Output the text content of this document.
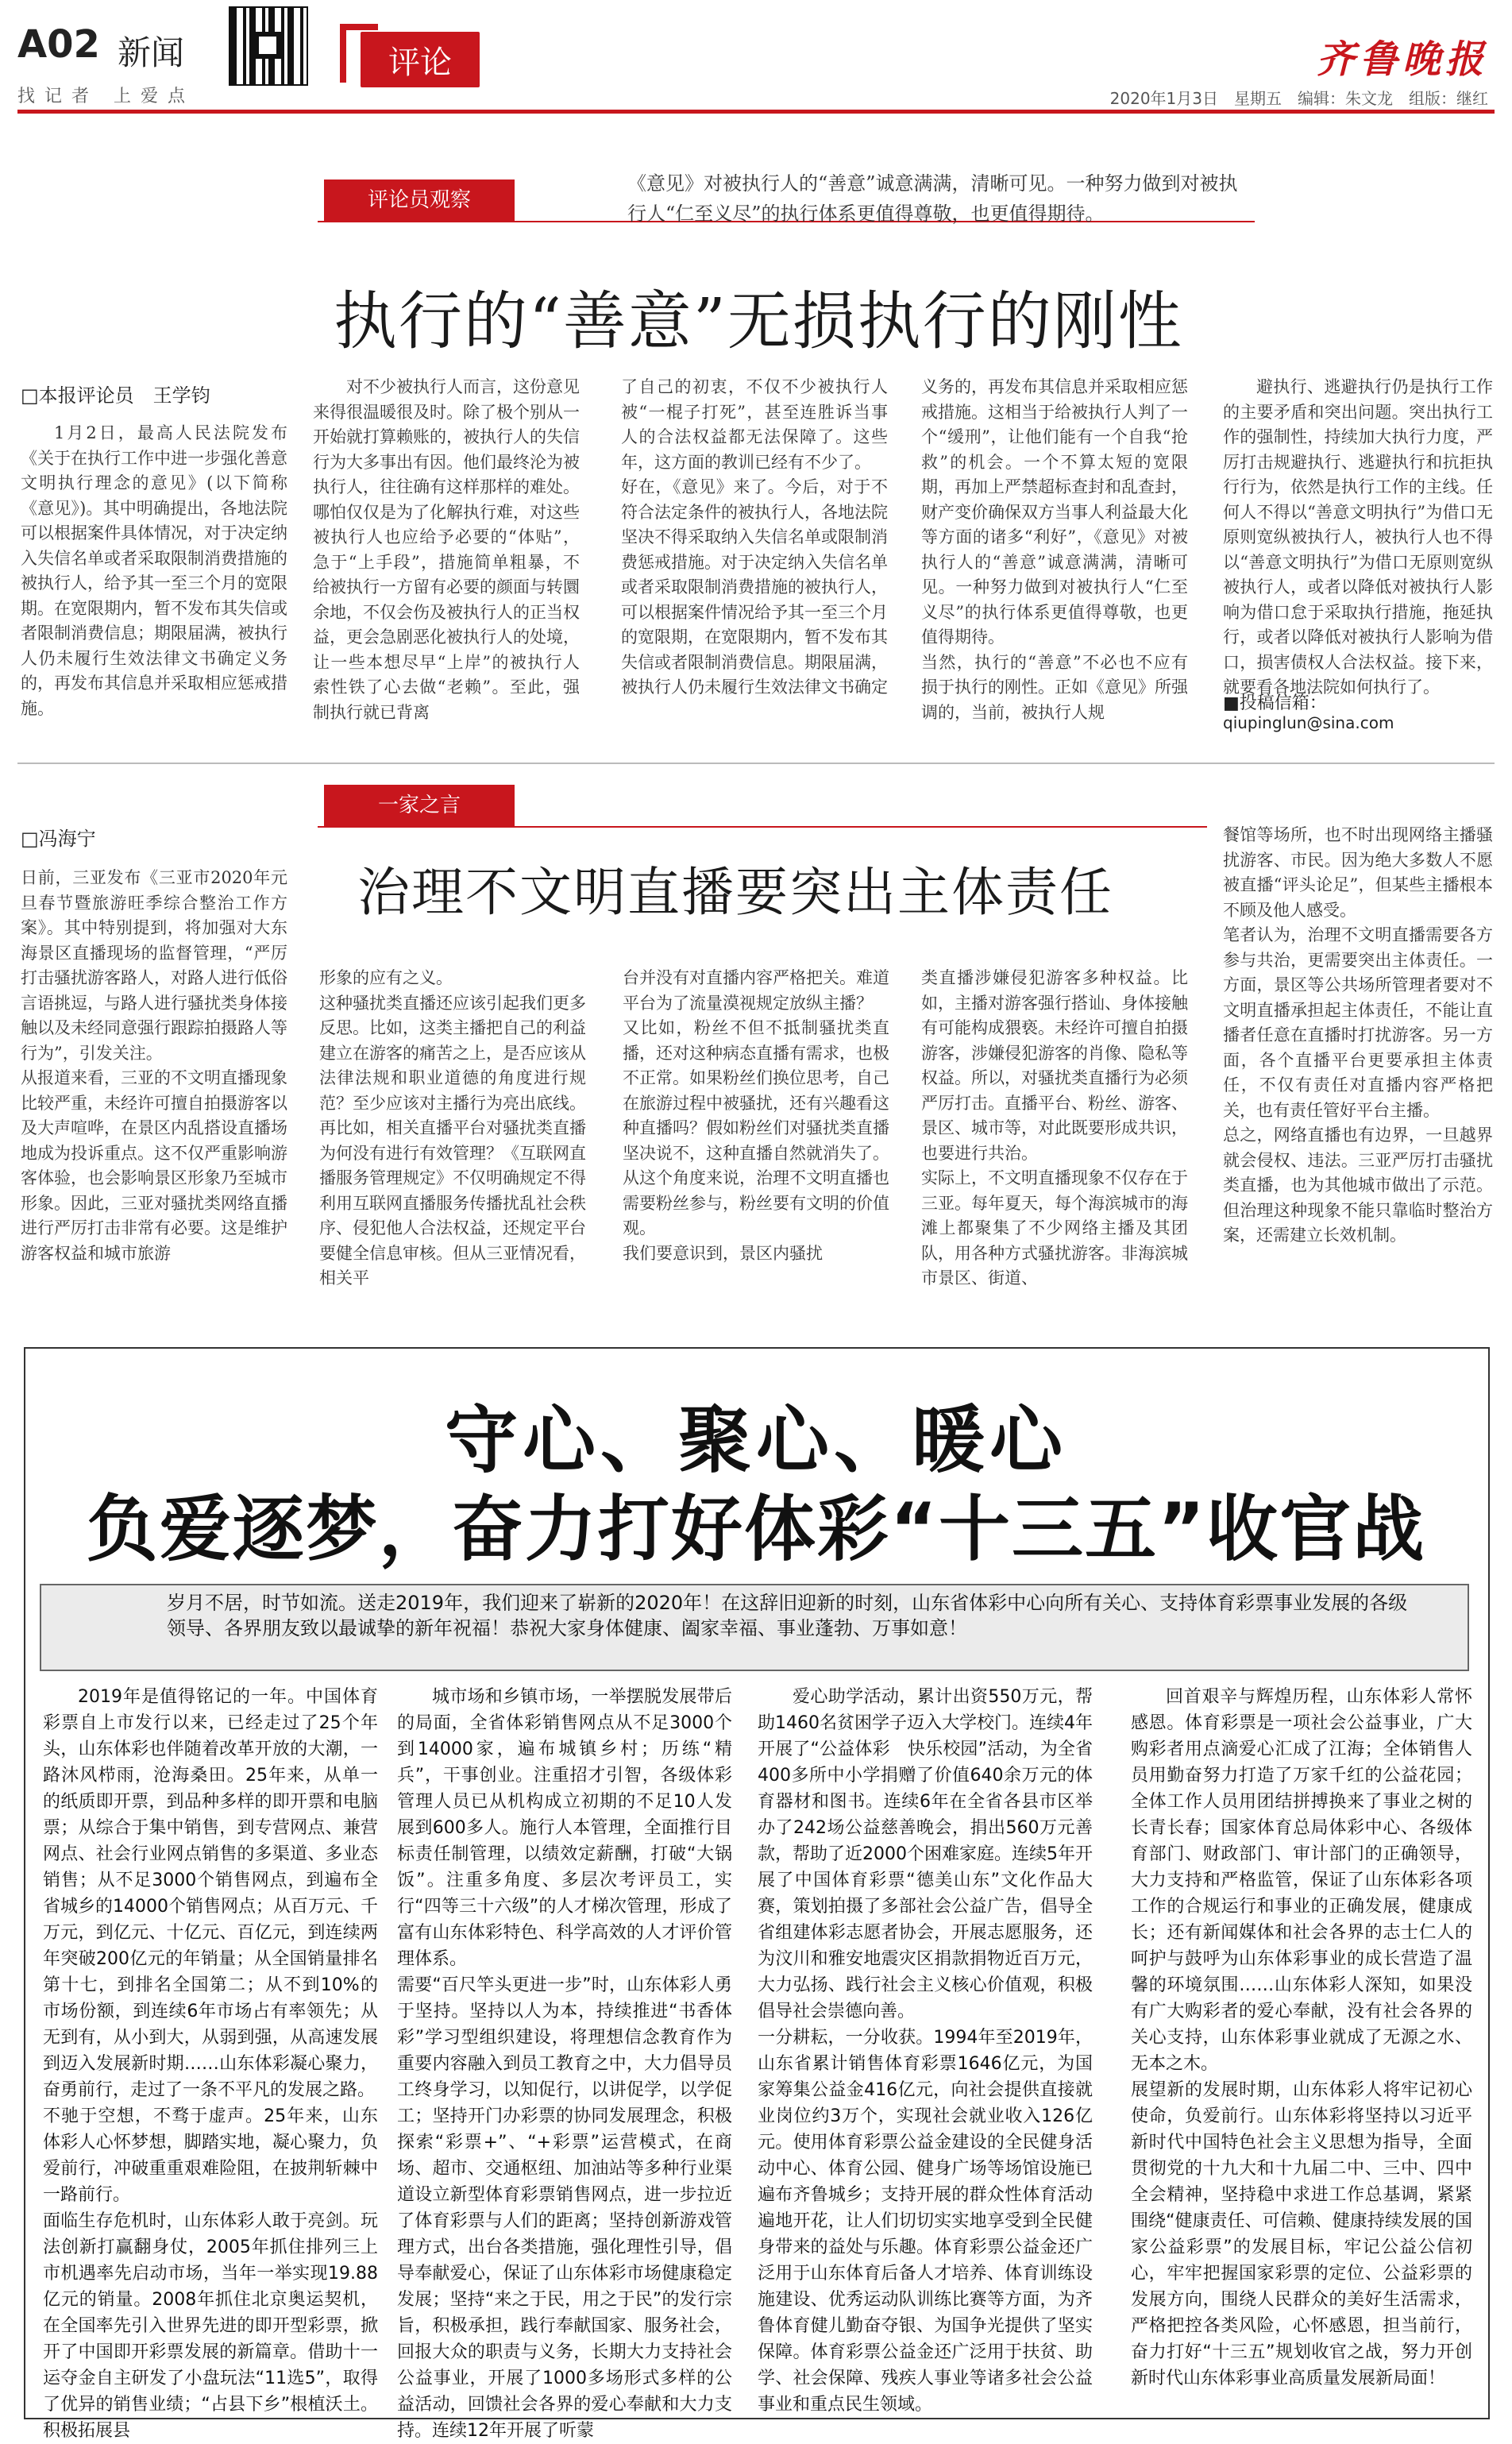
A02 新闻
找记者 上爱点
评论	齐鲁晚报
2020年1月3日　星期五　编辑：朱文龙　组版：继红
评论员观察
《意见》对被执行人的“善意”诚意满满，清晰可见。一种努力做到对被执行人“仁至义尽”的执行体系更值得尊敬，也更值得期待。
执行的“善意”无损执行的刚性
□本报评论员　王学钧
1月2日，最高人民法院发布《关于在执行工作中进一步强化善意文明执行理念的意见》(以下简称《意见》)。其中明确提出，各地法院可以根据案件具体情况，对于决定纳入失信名单或者采取限制消费措施的被执行人，给予其一至三个月的宽限期。在宽限期内，暂不发布其失信或者限制消费信息；期限届满，被执行人仍未履行生效法律文书确定义务的，再发布其信息并采取相应惩戒措施。
对不少被执行人而言，这份意见来得很温暖很及时。除了极个别从一开始就打算赖账的，被执行人的失信行为大多事出有因。他们最终沦为被执行人，往往确有这样那样的难处。哪怕仅仅是为了化解执行难，对这些被执行人也应给予必要的“体贴”，急于“上手段”，措施简单粗暴，不给被执行一方留有必要的颜面与转圜余地，不仅会伤及被执行人的正当权益，更会急剧恶化被执行人的处境，让一些本想尽早“上岸”的被执行人索性铁了心去做“老赖”。至此，强制执行就已背离
了自己的初衷，不仅不少被执行人被“一棍子打死”，甚至连胜诉当事人的合法权益都无法保障了。这些年，这方面的教训已经有不少了。
好在，《意见》来了。今后，对于不符合法定条件的被执行人，各地法院坚决不得采取纳入失信名单或限制消费惩戒措施。对于决定纳入失信名单或者采取限制消费措施的被执行人，可以根据案件情况给予其一至三个月的宽限期，在宽限期内，暂不发布其失信或者限制消费信息。期限届满，被执行人仍未履行生效法律文书确定
义务的，再发布其信息并采取相应惩戒措施。这相当于给被执行人判了一个“缓刑”，让他们能有一个自我“抢救”的机会。一个不算太短的宽限期，再加上严禁超标查封和乱查封，财产变价确保双方当事人利益最大化等方面的诸多“利好”，《意见》对被执行人的“善意”诚意满满，清晰可见。一种努力做到对被执行人“仁至义尽”的执行体系更值得尊敬，也更值得期待。
当然，执行的“善意”不必也不应有损于执行的刚性。正如《意见》所强调的，当前，被执行人规
避执行、逃避执行仍是执行工作的主要矛盾和突出问题。突出执行工作的强制性，持续加大执行力度，严厉打击规避执行、逃避执行和抗拒执行行为，依然是执行工作的主线。任何人不得以“善意文明执行”为借口无原则宽纵被执行人，被执行人也不得以“善意文明执行”为借口无原则宽纵被执行人，或者以降低对被执行人影响为借口怠于采取执行措施，拖延执行，或者以降低对被执行人影响为借口，损害债权人合法权益。接下来，就要看各地法院如何执行了。
■投稿信箱：
qiupinglun@sina.com
一家之言
□冯海宁
治理不文明直播要突出主体责任
日前，三亚发布《三亚市2020年元旦春节暨旅游旺季综合整治工作方案》。其中特别提到，将加强对大东海景区直播现场的监督管理，“严厉打击骚扰游客路人，对路人进行低俗言语挑逗，与路人进行骚扰类身体接触以及未经同意强行跟踪拍摄路人等行为”，引发关注。
从报道来看，三亚的不文明直播现象比较严重，未经许可擅自拍摄游客以及大声喧哗，在景区内乱搭设直播场地成为投诉重点。这不仅严重影响游客体验，也会影响景区形象乃至城市形象。因此，三亚对骚扰类网络直播进行严厉打击非常有必要。这是维护游客权益和城市旅游
形象的应有之义。
这种骚扰类直播还应该引起我们更多反思。比如，这类主播把自己的利益建立在游客的痛苦之上，是否应该从法律法规和职业道德的角度进行规范？至少应该对主播行为亮出底线。
再比如，相关直播平台对骚扰类直播为何没有进行有效管理？《互联网直播服务管理规定》不仅明确规定不得利用互联网直播服务传播扰乱社会秩序、侵犯他人合法权益，还规定平台要健全信息审核。但从三亚情况看，相关平
台并没有对直播内容严格把关。难道平台为了流量漠视规定放纵主播？
又比如，粉丝不但不抵制骚扰类直播，还对这种病态直播有需求，也极不正常。如果粉丝们换位思考，自己在旅游过程中被骚扰，还有兴趣看这种直播吗？假如粉丝们对骚扰类直播坚决说不，这种直播自然就消失了。从这个角度来说，治理不文明直播也需要粉丝参与，粉丝要有文明的价值观。
我们要意识到，景区内骚扰
类直播涉嫌侵犯游客多种权益。比如，主播对游客强行搭讪、身体接触有可能构成猥亵。未经许可擅自拍摄游客，涉嫌侵犯游客的肖像、隐私等权益。所以，对骚扰类直播行为必须严厉打击。直播平台、粉丝、游客、景区、城市等，对此既要形成共识，也要进行共治。
实际上，不文明直播现象不仅存在于三亚。每年夏天，每个海滨城市的海滩上都聚集了不少网络主播及其团队，用各种方式骚扰游客。非海滨城市景区、街道、
餐馆等场所，也不时出现网络主播骚扰游客、市民。因为绝大多数人不愿被直播“评头论足”，但某些主播根本不顾及他人感受。
笔者认为，治理不文明直播需要各方参与共治，更需要突出主体责任。一方面，景区等公共场所管理者要对不文明直播承担起主体责任，不能让直播者任意在直播时打扰游客。另一方面，各个直播平台更要承担主体责任，不仅有责任对直播内容严格把关，也有责任管好平台主播。
总之，网络直播也有边界，一旦越界就会侵权、违法。三亚严厉打击骚扰类直播，也为其他城市做出了示范。但治理这种现象不能只靠临时整治方案，还需建立长效机制。
守心、聚心、暖心
负爱逐梦，奋力打好体彩“十三五”收官战
岁月不居，时节如流。送走2019年，我们迎来了崭新的2020年！在这辞旧迎新的时刻，山东省体彩中心向所有关心、支持体育彩票事业发展的各级领导、各界朋友致以最诚挚的新年祝福！恭祝大家身体健康、阖家幸福、事业蓬勃、万事如意！
2019年是值得铭记的一年。中国体育彩票自上市发行以来，已经走过了25个年头，山东体彩也伴随着改革开放的大潮，一路沐风栉雨，沧海桑田。25年来，从单一的纸质即开票，到品种多样的即开票和电脑票；从综合于集中销售，到专营网点、兼营网点、社会行业网点销售的多渠道、多业态销售；从不足3000个销售网点，到遍布全省城乡的14000个销售网点；从百万元、千万元，到亿元、十亿元、百亿元，到连续两年突破200亿元的年销量；从全国销量排名第十七，到排名全国第二；从不到10%的市场份额，到连续6年市场占有率领先；从无到有，从小到大，从弱到强，从高速发展到迈入发展新时期……山东体彩凝心聚力，奋勇前行，走过了一条不平凡的发展之路。
不驰于空想，不骛于虚声。25年来，山东体彩人心怀梦想，脚踏实地，凝心聚力，负爱前行，冲破重重艰难险阻，在披荆斩棘中一路前行。
面临生存危机时，山东体彩人敢于亮剑。玩法创新打赢翻身仗，2005年抓住排列三上市机遇率先启动市场，当年一举实现19.88亿元的销量。2008年抓住北京奥运契机，在全国率先引入世界先进的即开型彩票，掀开了中国即开彩票发展的新篇章。借助十一运夺金自主研发了小盘玩法“11选5”，取得了优异的销售业绩；“占县下乡”根植沃土。积极拓展县
城市场和乡镇市场，一举摆脱发展带后的局面，全省体彩销售网点从不足3000个到14000家，遍布城镇乡村；历练“精兵”，干事创业。注重招才引智，各级体彩管理人员已从机构成立初期的不足10人发展到600多人。施行人本管理，全面推行目标责任制管理，以绩效定薪酬，打破“大锅饭”。注重多角度、多层次考评员工，实行“四等三十六级”的人才梯次管理，形成了富有山东体彩特色、科学高效的人才评价管理体系。
需要“百尺竿头更进一步”时，山东体彩人勇于坚持。坚持以人为本，持续推进“书香体彩”学习型组织建设，将理想信念教育作为重要内容融入到员工教育之中，大力倡导员工终身学习，以知促行，以讲促学，以学促工；坚持开门办彩票的协同发展理念，积极探索“彩票+”、“+彩票”运营模式，在商场、超市、交通枢纽、加油站等多种行业渠道设立新型体育彩票销售网点，进一步拉近了体育彩票与人们的距离；坚持创新游戏管理方式，出台各类措施，强化理性引导，倡导奉献爱心，保证了山东体彩市场健康稳定发展；坚持“来之于民，用之于民”的发行宗旨，积极承担，践行奉献国家、服务社会，回报大众的职责与义务，长期大力支持社会公益事业，开展了1000多场形式多样的公益活动，回馈社会各界的爱心奉献和大力支持。连续12年开展了听蒙
爱心助学活动，累计出资550万元，帮助1460名贫困学子迈入大学校门。连续4年开展了“公益体彩　快乐校园”活动，为全省400多所中小学捐赠了价值640余万元的体育器材和图书。连续6年在全省各县市区举办了242场公益慈善晚会，捐出560万元善款，帮助了近2000个困难家庭。连续5年开展了中国体育彩票“德美山东”文化作品大赛，策划拍摄了多部社会公益广告，倡导全省组建体彩志愿者协会，开展志愿服务，还为汶川和雅安地震灾区捐款捐物近百万元，大力弘扬、践行社会主义核心价值观，积极倡导社会崇德向善。
一分耕耘，一分收获。1994年至2019年，山东省累计销售体育彩票1646亿元，为国家筹集公益金416亿元，向社会提供直接就业岗位约3万个，实现社会就业收入126亿元。使用体育彩票公益金建设的全民健身活动中心、体育公园、健身广场等场馆设施已遍布齐鲁城乡；支持开展的群众性体育活动遍地开花，让人们切切实实地享受到全民健身带来的益处与乐趣。体育彩票公益金还广泛用于山东体育后备人才培养、体育训练设施建设、优秀运动队训练比赛等方面，为齐鲁体育健儿勤奋夺银、为国争光提供了坚实保障。体育彩票公益金还广泛用于扶贫、助学、社会保障、残疾人事业等诸多社会公益事业和重点民生领域。
回首艰辛与辉煌历程，山东体彩人常怀感恩。体育彩票是一项社会公益事业，广大购彩者用点滴爱心汇成了江海；全体销售人员用勤奋努力打造了万家千红的公益花园；全体工作人员用团结拼搏换来了事业之树的长青长春；国家体育总局体彩中心、各级体育部门、财政部门、审计部门的正确领导，大力支持和严格监管，保证了山东体彩各项工作的合规运行和事业的正确发展，健康成长；还有新闻媒体和社会各界的志士仁人的呵护与鼓呼为山东体彩事业的成长营造了温馨的环境氛围……山东体彩人深知，如果没有广大购彩者的爱心奉献，没有社会各界的关心支持，山东体彩事业就成了无源之水、无本之木。
展望新的发展时期，山东体彩人将牢记初心使命，负爱前行。山东体彩将坚持以习近平新时代中国特色社会主义思想为指导，全面贯彻党的十九大和十九届二中、三中、四中全会精神，坚持稳中求进工作总基调，紧紧围绕“健康责任、可信赖、健康持续发展的国家公益彩票”的发展目标，牢记公益公信初心，牢牢把握国家彩票的定位、公益彩票的发展方向，围绕人民群众的美好生活需求，严格把控各类风险，心怀感恩，担当前行，奋力打好“十三五”规划收官之战，努力开创新时代山东体彩事业高质量发展新局面！
